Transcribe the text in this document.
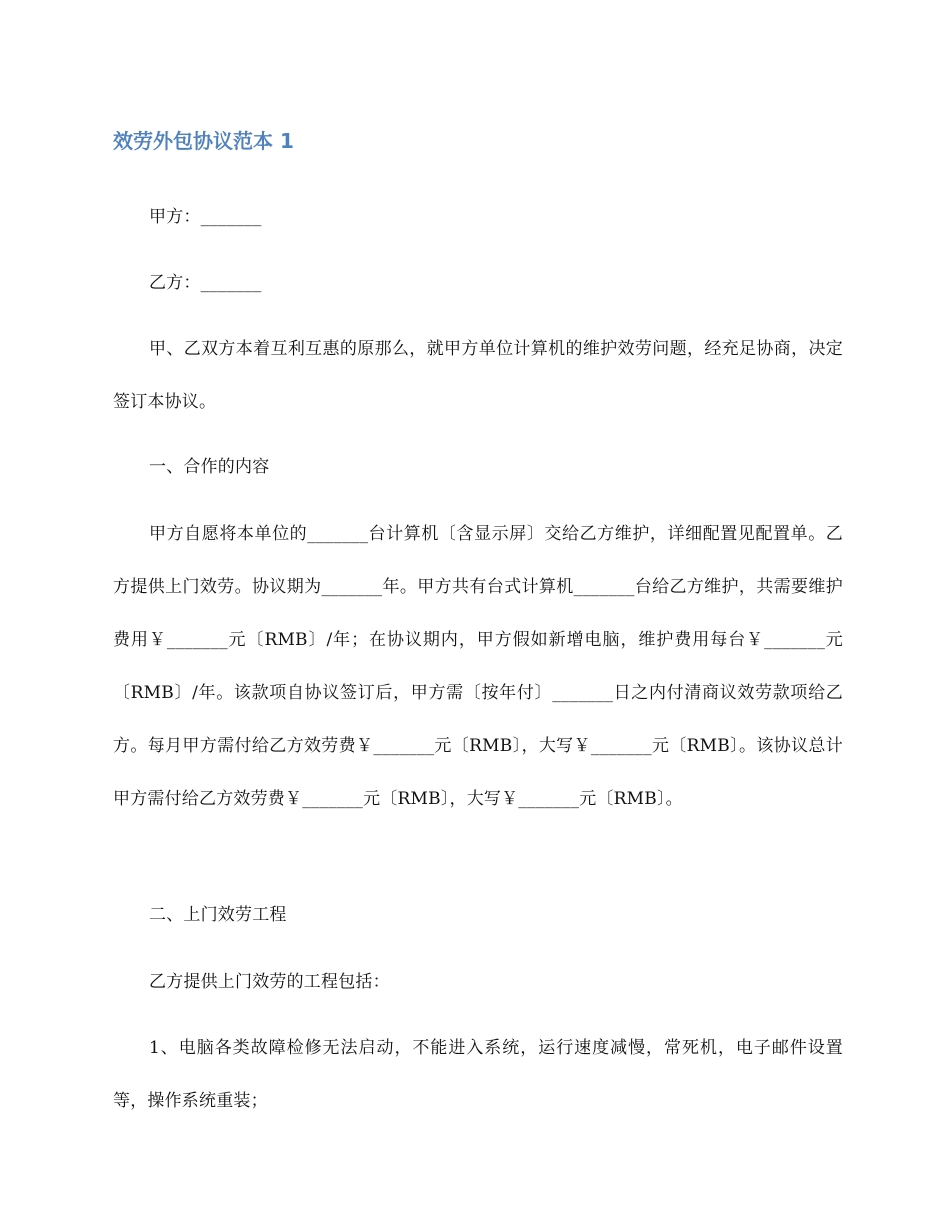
效劳外包协议范本 1

甲方：_______

乙方：_______

甲、乙双方本着互利互惠的原那么，就甲方单位计算机的维护效劳问题，经充足协商，决定签订本协议。

一、合作的内容

甲方自愿将本单位的_______台计算机〔含显示屏〕交给乙方维护，详细配置见配置单。乙方提供上门效劳。协议期为_______年。甲方共有台式计算机_______台给乙方维护，共需要维护费用￥_______元〔RMB〕/年；在协议期内，甲方假如新增电脑，维护费用每台￥_______元〔RMB〕/年。该款项自协议签订后，甲方需〔按年付〕_______日之内付清商议效劳款项给乙方。每月甲方需付给乙方效劳费￥_______元〔RMB〕，大写￥_______元〔RMB〕。该协议总计甲方需付给乙方效劳费￥_______元〔RMB〕，大写￥_______元〔RMB〕。

二、上门效劳工程

乙方提供上门效劳的工程包括：

1、电脑各类故障检修无法启动，不能进入系统，运行速度减慢，常死机，电子邮件设置等，操作系统重装；
